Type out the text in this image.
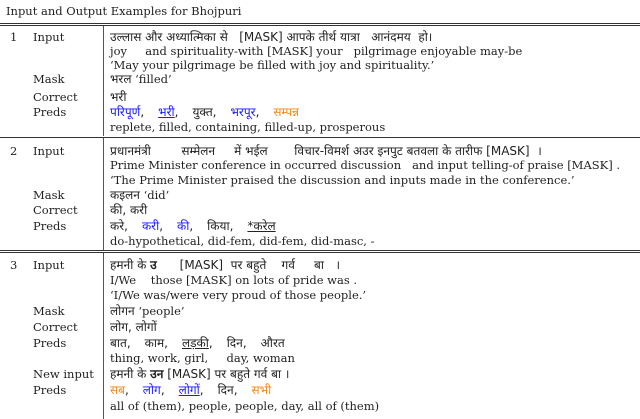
Input and Output Examples for Bhojpuri
1 Input	उल्लास और अध्यात्मिका से   [MASK] आपके तीर्थ यात्रा   आनंदमय  हो।
joy     and spirituality-with [MASK] your   pilgrimage enjoyable may-be
‘May your pilgrimage be filled with joy and spirituality.’
Mask	भरल ‘filled’
Correct	भरी
Preds	परिपूर्ण, भरी, युक्त, भरपूर, सम्पन्न
replete, filled, containing, filled-up, prosperous
2 Input	प्रधानमंत्री        सम्मेलन     में भईल       विचार-विमर्श अउर इनपुट बतवला के तारीफ [MASK]  ।
Prime Minister conference in occurred discussion   and input telling-of praise [MASK] .
‘The Prime Minister praised the discussion and inputs made in the conference.’
Mask	कइलन ‘did’
Correct	की, करी
Preds	करे, करी, की, किया, *करेल
do-hypothetical, did-fem, did-fem, did-masc, -
3 Input	हमनी के उ      [MASK]  पर बहुते    गर्व     बा   ।
I/We    those [MASK] on lots of pride was .
‘I/We was/were very proud of those people.’
Mask	लोगन ‘people’
Correct	लोग, लोगों
Preds	बात, काम, लड़की, दिन, औरत
thing, work, girl,     day, woman
New input हमनी के उन [MASK] पर बहुते गर्व बा ।
Preds	सब, लोग, लोगों, दिन, सभी
all of (them), people, people, day, all of (them)
